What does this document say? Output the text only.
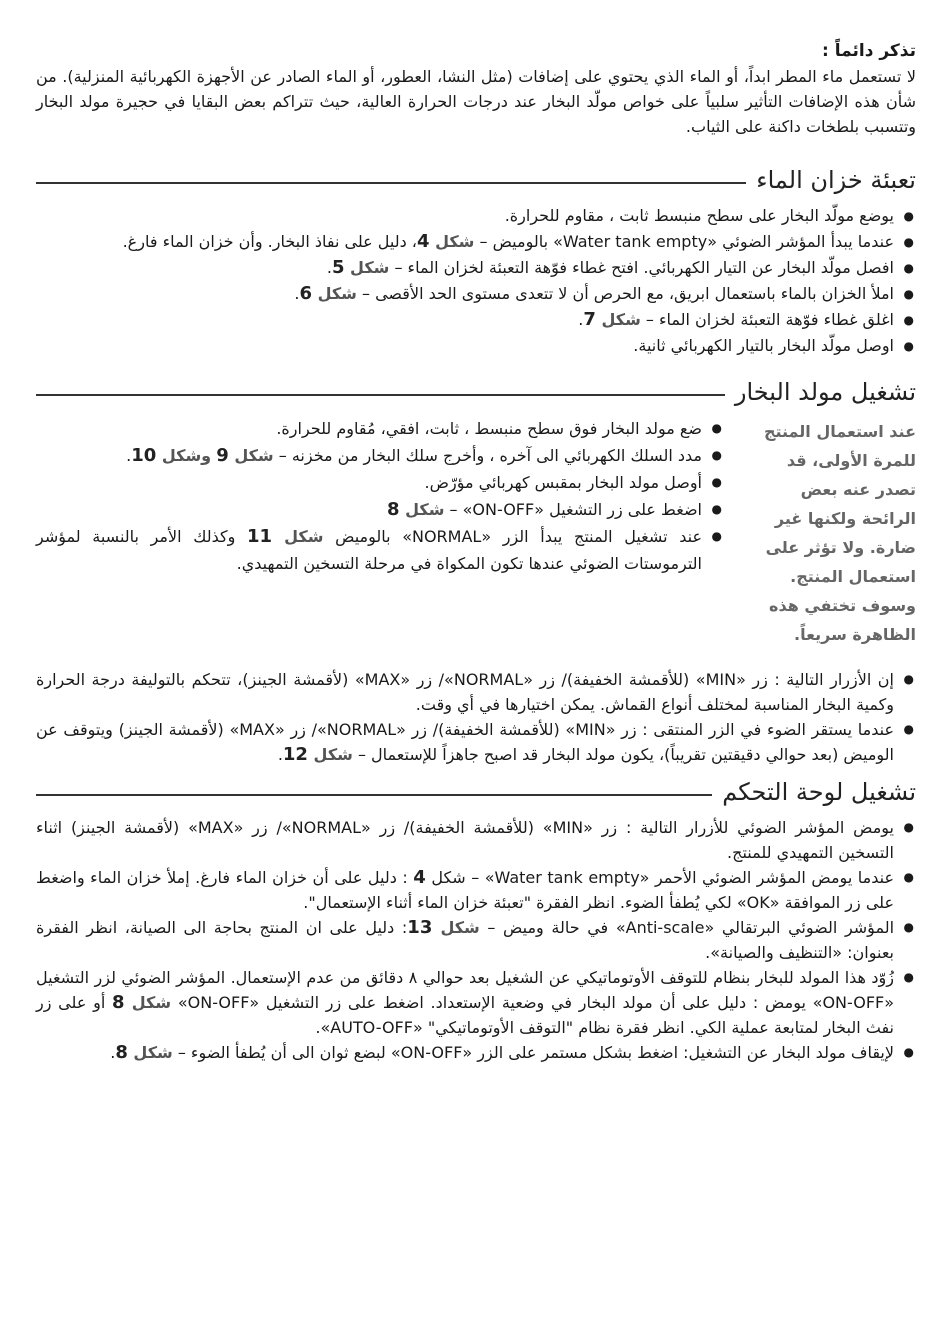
تذكر دائماً :
لا تستعمل ماء المطر ابداً، أو الماء الذي يحتوي على إضافات (مثل النشا، العطور، أو الماء الصادر عن الأجهزة الكهربائية المنزلية). من شأن هذه الإضافات التأثير سلبياً على خواص مولّد البخار عند درجات الحرارة العالية، حيث تتراكم بعض البقايا في حجيرة مولد البخار وتتسبب بلطخات داكنة على الثياب.
تعبئة خزان الماء
● يوضع مولّد البخار على سطح منبسط ثابت ، مقاوم للحرارة.
● عندما يبدأ المؤشر الضوئي «Water tank empty» بالوميض – شكل 4، دليل على نفاذ البخار. وأن خزان الماء فارغ.
● افصل مولّد البخار عن التيار الكهربائي. افتح غطاء فوّهة التعبئة لخزان الماء – شكل 5.
● املأ الخزان بالماء باستعمال ابريق، مع الحرص أن لا تتعدى مستوى الحد الأقصى – شكل 6.
● اغلق غطاء فوّهة التعبئة لخزان الماء – شكل 7.
● اوصل مولّد البخار بالتيار الكهربائي ثانية.
تشغيل مولد البخار
عند استعمال المنتج للمرة الأولى، قد تصدر عنه بعض الرائحة ولكنها غير ضارة. ولا تؤثر على استعمال المنتج. وسوف تختفي هذه الظاهرة سريعاً.
● ضع مولد البخار فوق سطح منبسط ، ثابت، افقي، مُقاوم للحرارة.
● مدد السلك الكهربائي الى آخره ، وأخرج سلك البخار من مخزنه – شكل 9 وشكل 10.
● أوصل مولد البخار بمقبس كهربائي مؤرّض.
● اضغط على زر التشغيل «ON-OFF» – شكل 8
● عند تشغيل المنتج يبدأ الزر «NORMAL» بالوميض شكل 11 وكذلك الأمر بالنسبة لمؤشر الترموستات الضوئي عندها تكون المكواة في مرحلة التسخين التمهيدي.
● إن الأزرار التالية : زر «MIN» (للأقمشة الخفيفة)/ زر «NORMAL»/ زر «MAX» (لأقمشة الجينز)، تتحكم بالتوليفة درجة الحرارة وكمية البخار المناسبة لمختلف أنواع القماش. يمكن اختيارها في أي وقت.
● عندما يستقر الضوء في الزر المنتقى : زر «MIN» (للأقمشة الخفيفة)/ زر «NORMAL»/ زر «MAX» (لأقمشة الجينز) ويتوقف عن الوميض (بعد حوالي دقيقتين تقريباً)، يكون مولد البخار قد اصبح جاهزاً للإستعمال – شكل 12.
تشغيل لوحة التحكم
● يومض المؤشر الضوئي للأزرار التالية : زر «MIN» (للأقمشة الخفيفة)/ زر «NORMAL»/ زر «MAX» (لأقمشة الجينز) اثناء التسخين التمهيدي للمنتج.
● عندما يومض المؤشر الضوئي الأحمر «Water tank empty» – شكل 4 : دليل على أن خزان الماء فارغ. إملأ خزان الماء واضغط على زر الموافقة «OK» لكي يُطفأ الضوء. انظر الفقرة "تعبئة خزان الماء أثناء الإستعمال".
● المؤشر الضوئي البرتقالي «Anti-scale» في حالة وميض – شكل 13: دليل على ان المنتج بحاجة الى الصيانة، انظر الفقرة بعنوان: «التنظيف والصيانة».
● زُوّد هذا المولد للبخار بنظام للتوقف الأوتوماتيكي عن الشغيل بعد حوالي ٨ دقائق من عدم الإستعمال. المؤشر الضوئي لزر التشغيل «ON-OFF» يومض : دليل على أن مولد البخار في وضعية الإستعداد. اضغط على زر التشغيل «ON-OFF» شكل 8 أو على زر نفث البخار لمتابعة عملية الكي. انظر فقرة نظام "التوقف الأوتوماتيكي" «AUTO-OFF».
● لإيقاف مولد البخار عن التشغيل: اضغط بشكل مستمر على الزر «ON-OFF» لبضع ثوان الى أن يُطفأ الضوء – شكل 8.
